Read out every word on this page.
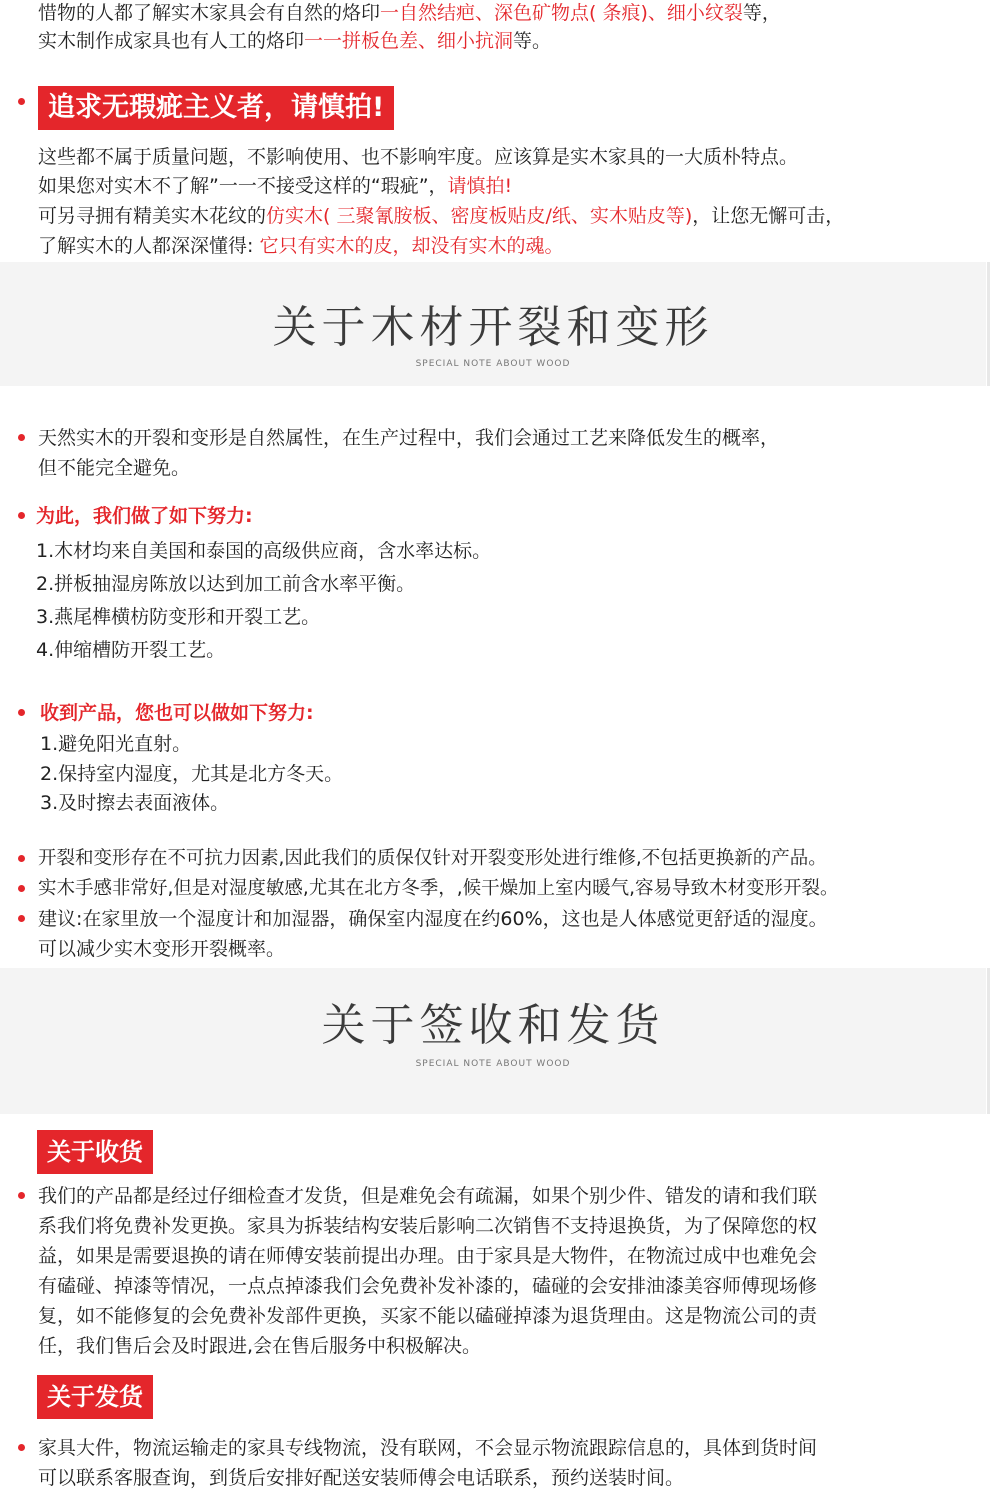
惜物的人都了解实木家具会有自然的烙印一自然结疤、深色矿物点( 条痕)、细小纹裂等，
实木制作成家具也有人工的烙印一一拼板色差、细小抗洞等。
追求无瑕疵主义者，请慎拍!
这些都不属于质量问题，不影响使用、也不影响牢度。应该算是实木家具的一大质朴特点。
如果您对实木不了解”一一不接受这样的“瑕疵”，请慎拍!
可另寻拥有精美实木花纹的仿实木( 三聚氰胺板、密度板贴皮/纸、实木贴皮等)，让您无懈可击，
了解实木的人都深深懂得: 它只有实木的皮，却没有实木的魂。
关于木材开裂和变形
SPECIAL NOTE ABOUT WOOD
天然实木的开裂和变形是自然属性，在生产过程中，我们会通过工艺来降低发生的概率，
但不能完全避免。
为此，我们做了如下努力:
1.木材均来自美国和泰国的高级供应商，含水率达标。
2.拼板抽湿房陈放以达到加工前含水率平衡。
3.燕尾榫横枋防变形和开裂工艺。
4.伸缩槽防开裂工艺。
收到产品，您也可以做如下努力:
1.避免阳光直射。
2.保持室内湿度，尤其是北方冬天。
3.及时擦去表面液体。
开裂和变形存在不可抗力因素,因此我们的质保仅针对开裂变形处进行维修,不包括更换新的产品。
实木手感非常好,但是对湿度敏感,尤其在北方冬季，,候干燥加上室内暖气,容易导致木材变形开裂。
建议:在家里放一个湿度计和加湿器，确保室内湿度在约60%，这也是人体感觉更舒适的湿度。
可以减少实木变形开裂概率。
关于签收和发货
SPECIAL NOTE ABOUT WOOD
关于收货
我们的产品都是经过仔细检查才发货，但是难免会有疏漏，如果个别少件、错发的请和我们联
系我们将免费补发更换。家具为拆装结构安装后影响二次销售不支持退换货，为了保障您的权
益，如果是需要退换的请在师傅安装前提出办理。由于家具是大物件，在物流过成中也难免会
有磕碰、掉漆等情况，一点点掉漆我们会免费补发补漆的，磕碰的会安排油漆美容师傅现场修
复，如不能修复的会免费补发部件更换，买家不能以磕碰掉漆为退货理由。这是物流公司的责
任，我们售后会及时跟进,会在售后服务中积极解决。
关于发货
家具大件，物流运输走的家具专线物流，没有联网，不会显示物流跟踪信息的，具体到货时间
可以联系客服查询，到货后安排好配送安装师傅会电话联系，预约送装时间。
